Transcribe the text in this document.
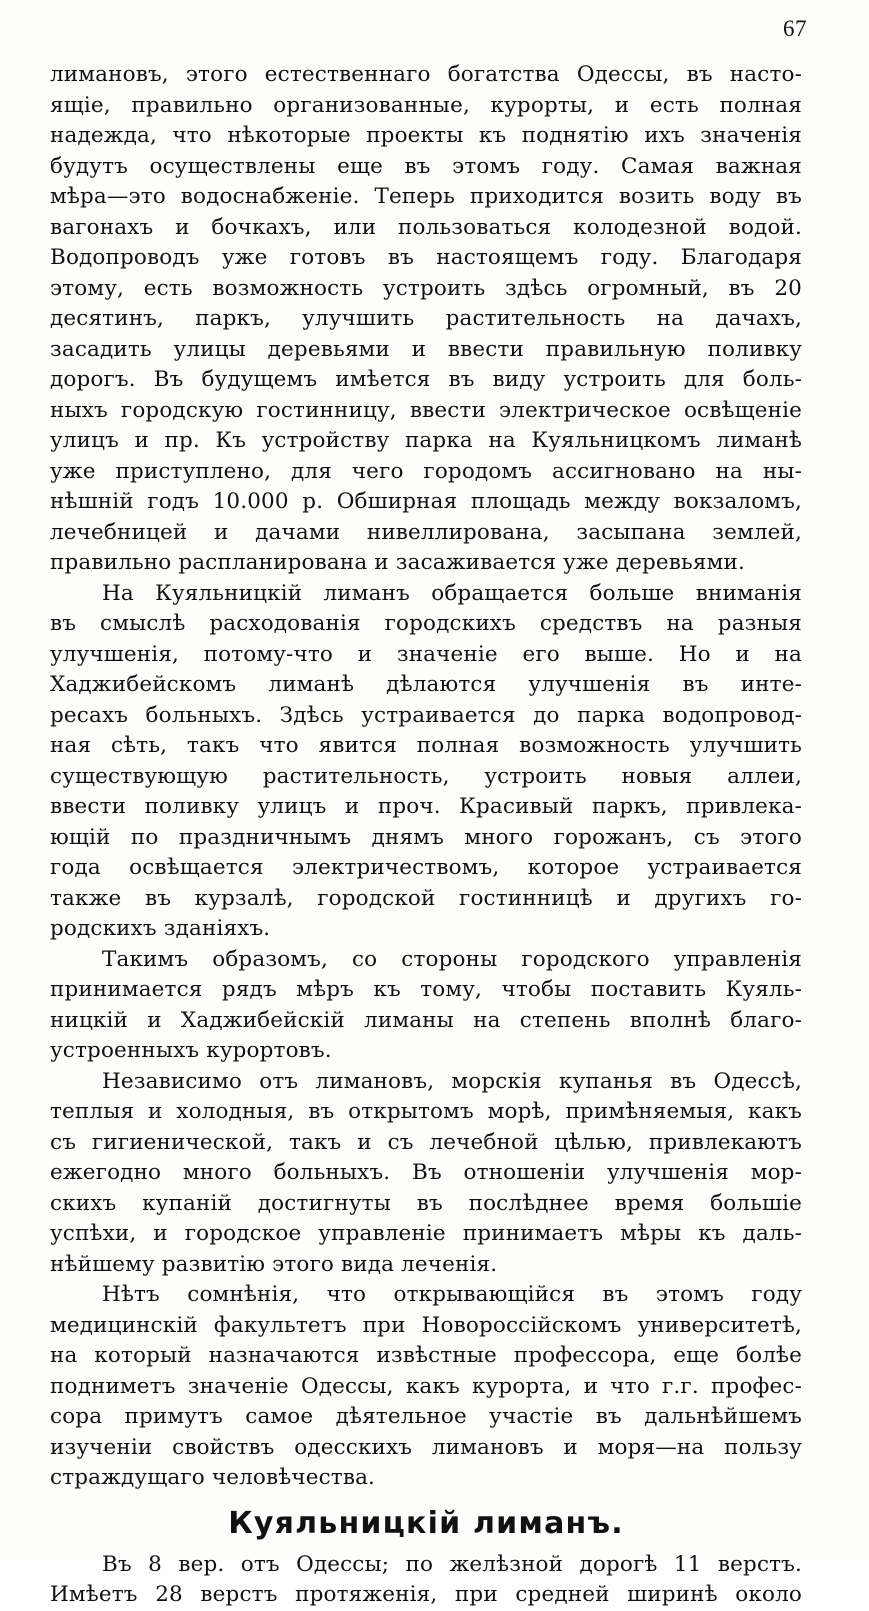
67
лимановъ, этого естественнаго богатства Одессы, въ насто-
ящiе, правильно организованные, курорты, и есть полная
надежда, что нѣкоторые проекты къ поднятiю ихъ значенiя
будутъ осуществлены еще въ этомъ году. Самая важная
мѣра—это водоснабженiе. Теперь приходится возить воду въ
вагонахъ и бочкахъ, или пользоваться колодезной водой.
Водопроводъ уже готовъ въ настоящемъ году. Благодаря
этому, есть возможность устроить здѣсь огромный, въ 20
десятинъ, паркъ, улучшить растительность на дачахъ,
засадить улицы деревьями и ввести правильную поливку
дорогъ. Въ будущемъ имѣется въ виду устроить для боль-
ныхъ городскую гостинницу, ввести электрическое освѣщенiе
улицъ и пр. Къ устройству парка на Куяльницкомъ лиманѣ
уже приступлено, для чего городомъ ассигновано на ны-
нѣшнiй годъ 10.000 р. Обширная площадь между вокзаломъ,
лечебницей и дачами нивеллирована, засыпана землей,
правильно распланирована и засаживается уже деревьями.
На Куяльницкiй лиманъ обращается больше вниманiя
въ смыслѣ расходованiя городскихъ средствъ на разныя
улучшенiя, потому-что и значенiе его выше. Но и на
Хаджибейскомъ лиманѣ дѣлаются улучшенiя въ инте-
ресахъ больныхъ. Здѣсь устраивается до парка водопровод-
ная сѣть, такъ что явится полная возможность улучшить
существующую растительность, устроить новыя аллеи,
ввести поливку улицъ и проч. Красивый паркъ, привлека-
ющiй по праздничнымъ днямъ много горожанъ, съ этого
года освѣщается электричествомъ, которое устраивается
также въ курзалѣ, городской гостинницѣ и другихъ го-
родскихъ зданiяхъ.
Такимъ образомъ, со стороны городского управленiя
принимается рядъ мѣръ къ тому, чтобы поставить Куяль-
ницкiй и Хаджибейскiй лиманы на степень вполнѣ благо-
устроенныхъ курортовъ.
Независимо отъ лимановъ, морскiя купанья въ Одессѣ,
теплыя и холодныя, въ открытомъ морѣ, примѣняемыя, какъ
съ гигиенической, такъ и съ лечебной цѣлью, привлекаютъ
ежегодно много больныхъ. Въ отношенiи улучшенiя мор-
скихъ купанiй достигнуты въ послѣднее время большiе
успѣхи, и городское управленiе принимаетъ мѣры къ даль-
нѣйшему развитiю этого вида леченiя.
Нѣтъ сомнѣнiя, что открывающiйся въ этомъ году
медицинскiй факультетъ при Новороссiйскомъ университетѣ,
на который назначаются извѣстные профессора, еще болѣе
подниметъ значенiе Одессы, какъ курорта, и что г.г. профес-
сора примутъ самое дѣятельное участiе въ дальнѣйшемъ
изученiи свойствъ одесскихъ лимановъ и моря—на пользу
страждущаго человѣчества.
Куяльницкiй лиманъ.
Въ 8 вер. отъ Одессы; по желѣзной дорогѣ 11 верстъ.
Имѣетъ 28 верстъ протяженiя, при средней ширинѣ около
